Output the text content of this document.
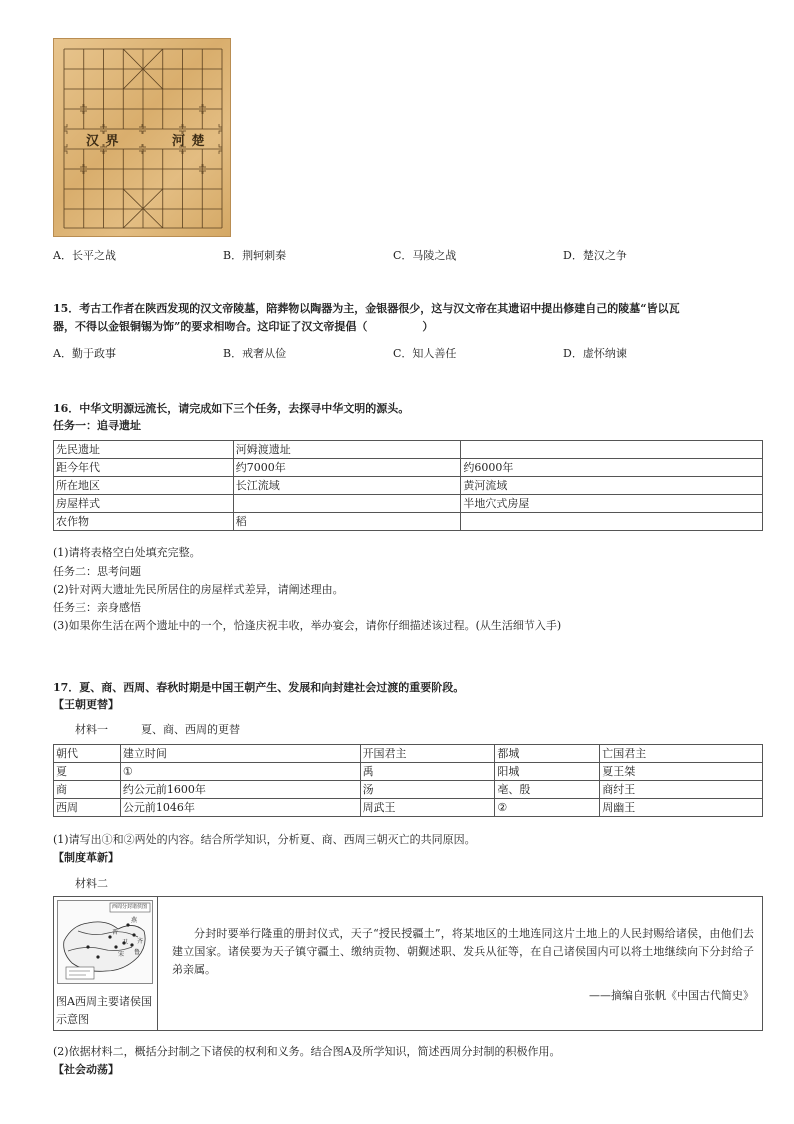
汉 界	河 楚
A．长平之战	B．荆轲刺秦	C．马陵之战	D．楚汉之争
15．考古工作者在陕西发现的汉文帝陵墓，陪葬物以陶器为主，金银器很少，这与汉文帝在其遗诏中提出修建自己的陵墓“皆以瓦
器，不得以金银铜锡为饰”的要求相吻合。这印证了汉文帝提倡（　　　　　）
A．勤于政事	B．戒奢从俭	C．知人善任	D．虚怀纳谏
16．中华文明源远流长，请完成如下三个任务，去探寻中华文明的源头。
任务一：追寻遗址
先民遗址	河姆渡遗址	
距今年代	约7000年	约6000年
所在地区	长江流域	黄河流域
房屋样式		半地穴式房屋
农作物	稻	
(1)请将表格空白处填充完整。
任务二：思考问题
(2)针对两大遗址先民所居住的房屋样式差异，请阐述理由。
任务三：亲身感悟
(3)如果你生活在两个遗址中的一个，恰逢庆祝丰收，举办宴会，请你仔细描述该过程。(从生活细节入手)
17．夏、商、西周、春秋时期是中国王朝产生、发展和向封建社会过渡的重要阶段。
【王朝更替】
材料一　　　夏、商、西周的更替
朝代	建立时间	开国君主	都城	亡国君主
夏	①	禹	阳城	夏王桀
商	约公元前1600年	汤	亳、殷	商纣王
西周	公元前1046年	周武王	②	周幽王
(1)请写出①和②两处的内容。结合所学知识，分析夏、商、西周三朝灭亡的共同原因。
【制度革新】
材料二
西周分封诸侯图
燕
齐
晋
宋
卫
鲁
图A西周主要诸侯国示意图
分封时要举行隆重的册封仪式，天子“授民授疆土”，将某地区的土地连同这片土地上的人民封赐给诸侯，由他们去建立国家。诸侯要为天子镇守疆土、缴纳贡物、朝觐述职、发兵从征等，在自己诸侯国内可以将土地继续向下分封给子弟亲属。
——摘编自张帆《中国古代简史》
(2)依据材料二，概括分封制之下诸侯的权利和义务。结合图A及所学知识，简述西周分封制的积极作用。
【社会动荡】
